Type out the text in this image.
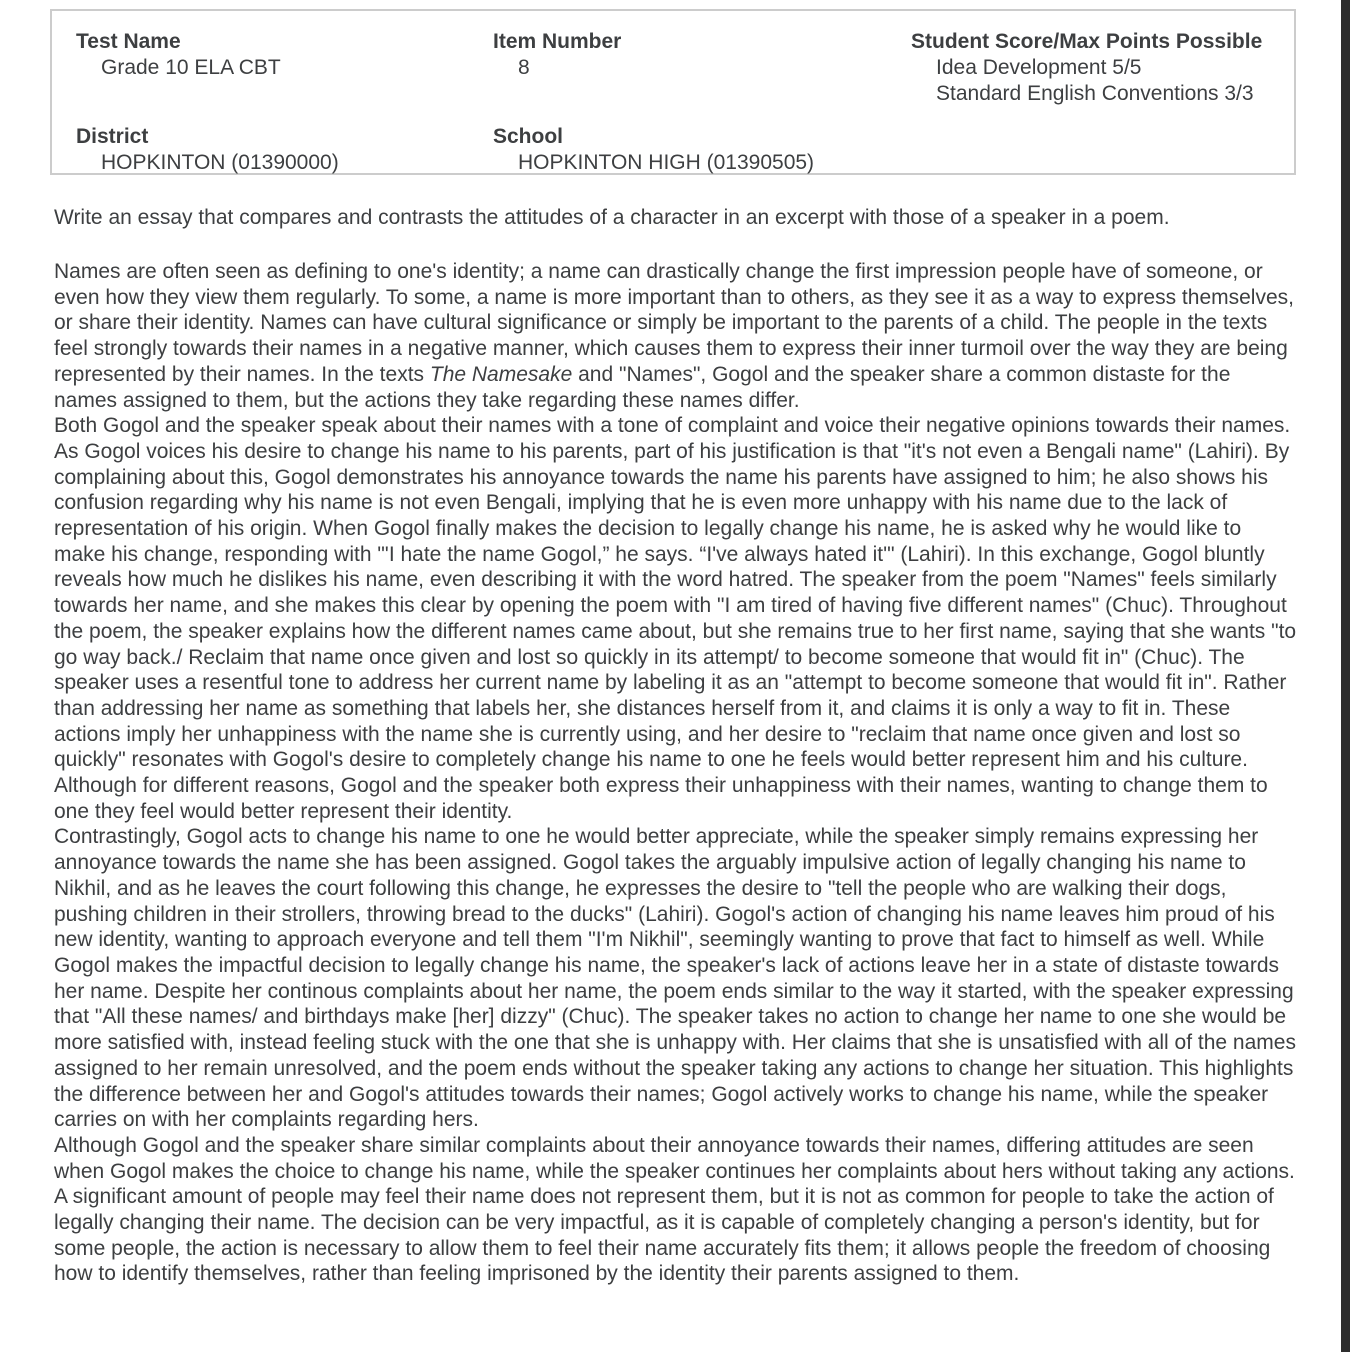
Test Name
Grade 10 ELA CBT
Item Number
8
Student Score/Max Points Possible
Idea Development 5/5
Standard English Conventions 3/3
District
HOPKINTON (01390000)
School
HOPKINTON HIGH (01390505)
Write an essay that compares and contrasts the attitudes of a character in an excerpt with those of a speaker in a poem.

Names are often seen as defining to one's identity; a name can drastically change the first impression people have of someone, or even how they view them regularly. To some, a name is more important than to others, as they see it as a way to express themselves, or share their identity. Names can have cultural significance or simply be important to the parents of a child. The people in the texts feel strongly towards their names in a negative manner, which causes them to express their inner turmoil over the way they are being represented by their names. In the texts The Namesake and "Names", Gogol and the speaker share a common distaste for the names assigned to them, but the actions they take regarding these names differ.

Both Gogol and the speaker speak about their names with a tone of complaint and voice their negative opinions towards their names. As Gogol voices his desire to change his name to his parents, part of his justification is that "it's not even a Bengali name" (Lahiri). By complaining about this, Gogol demonstrates his annoyance towards the name his parents have assigned to him; he also shows his confusion regarding why his name is not even Bengali, implying that he is even more unhappy with his name due to the lack of representation of his origin. When Gogol finally makes the decision to legally change his name, he is asked why he would like to make his change, responding with "'I hate the name Gogol,” he says. “I've always hated it'" (Lahiri). In this exchange, Gogol bluntly reveals how much he dislikes his name, even describing it with the word hatred. The speaker from the poem "Names" feels similarly towards her name, and she makes this clear by opening the poem with "I am tired of having five different names" (Chuc). Throughout the poem, the speaker explains how the different names came about, but she remains true to her first name, saying that she wants "to go way back./ Reclaim that name once given and lost so quickly in its attempt/ to become someone that would fit in" (Chuc). The speaker uses a resentful tone to address her current name by labeling it as an "attempt to become someone that would fit in". Rather than addressing her name as something that labels her, she distances herself from it, and claims it is only a way to fit in. These actions imply her unhappiness with the name she is currently using, and her desire to "reclaim that name once given and lost so quickly" resonates with Gogol's desire to completely change his name to one he feels would better represent him and his culture. Although for different reasons, Gogol and the speaker both express their unhappiness with their names, wanting to change them to one they feel would better represent their identity.

Contrastingly, Gogol acts to change his name to one he would better appreciate, while the speaker simply remains expressing her annoyance towards the name she has been assigned. Gogol takes the arguably impulsive action of legally changing his name to Nikhil, and as he leaves the court following this change, he expresses the desire to "tell the people who are walking their dogs, pushing children in their strollers, throwing bread to the ducks" (Lahiri). Gogol's action of changing his name leaves him proud of his new identity, wanting to approach everyone and tell them "I'm Nikhil", seemingly wanting to prove that fact to himself as well. While Gogol makes the impactful decision to legally change his name, the speaker's lack of actions leave her in a state of distaste towards her name. Despite her continous complaints about her name, the poem ends similar to the way it started, with the speaker expressing that "All these names/ and birthdays make [her] dizzy" (Chuc). The speaker takes no action to change her name to one she would be more satisfied with, instead feeling stuck with the one that she is unhappy with. Her claims that she is unsatisfied with all of the names assigned to her remain unresolved, and the poem ends without the speaker taking any actions to change her situation. This highlights the difference between her and Gogol's attitudes towards their names; Gogol actively works to change his name, while the speaker carries on with her complaints regarding hers.

Although Gogol and the speaker share similar complaints about their annoyance towards their names, differing attitudes are seen when Gogol makes the choice to change his name, while the speaker continues her complaints about hers without taking any actions. A significant amount of people may feel their name does not represent them, but it is not as common for people to take the action of legally changing their name. The decision can be very impactful, as it is capable of completely changing a person's identity, but for some people, the action is necessary to allow them to feel their name accurately fits them; it allows people the freedom of choosing how to identify themselves, rather than feeling imprisoned by the identity their parents assigned to them.
